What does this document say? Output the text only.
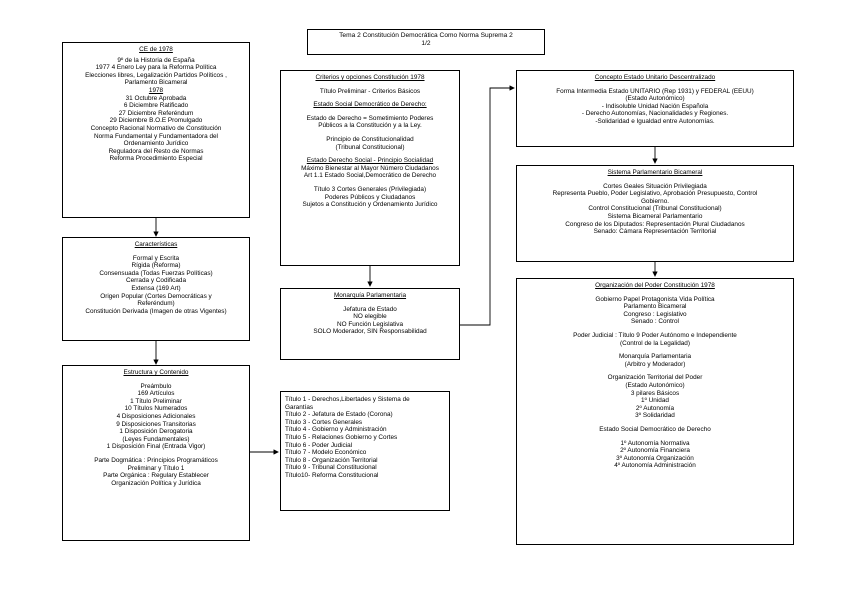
Tema 2 Constitución Democrática Como Norma Suprema 2
1/2
CE de 1978
9º de la Historia de España
1977 4 Enero Ley para la Reforma Política
Elecciones libres, Legalización Partidos Políticos ,
Parlamento Bicameral
1978
31 Octubre Aprobada
6 Diciembre Ratificado
27 Diciembre Referéndum
29 Diciembre B.O.E Promulgado
Concepto Racional Normativo de Constitución
Norma Fundamental y Fundamentadora del
Ordenamiento Jurídico
Reguladora del Resto de Normas
Reforma Procedimiento Especial
Características
Formal y Escrita
Rígida (Reforma)
Consensuada (Todas Fuerzas Políticas)
Cerrada y Codificada
Extensa (169 Art)
Origen Popular (Cortes Democráticas y
Referéndum)
Constitución Derivada (Imagen de otras Vigentes)
Estructura y Contenido
Preámbulo
169 Artículos
1 Título Preliminar
10 Títulos Numerados
4 Disposiciones Adicionales
9 Disposiciones Transitorias
1 Disposición Derogatoria
(Leyes Fundamentales)
1 Disposición Final (Entrada Vigor)
Parte Dogmática : Principios Programáticos
Preliminar y Título 1
Parte Orgánica : Regulary Establecer
Organización Política y Jurídica
Título 1 - Derechos,Libertades y Sistema de
Garantías
Título 2 - Jefatura de Estado (Corona)
Título 3 - Cortes Generales
Título 4 - Gobierno y Administración
Título 5 - Relaciones Gobierno y Cortes
Título 6 - Poder Judicial
Título 7 - Modelo Económico
Título 8 - Organización Territorial
Título 9 - Tribunal Constitucional
Título10- Reforma Constitucional
Criterios y opciones Constitución 1978
Título Preliminar - Criterios Básicos
Estado Social Democrático de Derecho:
Estado de Derecho = Sometimiento Poderes
Públicos a la Constitución y a la Ley.
Principio de Constitucionalidad
(Tribunal Constitucional)
Estado Derecho Social - Principio Socialidad
Máximo Bienestar al Mayor Número Ciudadanos
Art 1.1 Estado Social,Democrático de Derecho
Título 3 Cortes Generales (Privilegiada)
Poderes Públicos y Ciudadanos
Sujetos a Constitución y Ordenamiento Jurídico
Monarquía Parlamentaria
Jefatura de Estado
NO elegible
NO Función Legislativa
SOLO Moderador, SIN Responsabilidad
Concepto Estado Unitario Descentralizado
Forma Intermedia Estado UNITARIO (Rep 1931) y FEDERAL (EEUU)
(Estado Autonómico)
- Indisoluble Unidad Nación Española
- Derecho Autonomías, Nacionalidades y Regiones.
-Solidaridad e Igualdad entre Autonomías.
Sistema Parlamentario Bicameral
Cortes Geales Situación Privilegiada
Representa Pueblo, Poder Legislativo, Aprobación Presupuesto, Control
Gobierno.
Control Constitucional (Tribunal Constitucional)
Sistema Bicameral Parlamentario
Congreso de los Diputados: Representación Plural Ciudadanos
Senado: Cámara Representación Territorial
Organización del Poder Constitución 1978
Gobierno Papel Protagonista Vida Política
Parlamento Bicameral
Congreso : Legislativo
Senado : Control
Poder Judicial : Título 9 Poder Autónomo e Independiente
(Control de la Legalidad)
Monarquía Parlamentaria
(Arbitro y Moderador)
Organización Territorial del Poder
(Estado Autonómico)
3 pilares Básicos
1º Unidad
2º Autonomía
3º Solidaridad
Estado Social Democrático de Derecho
1º Autonomía Normativa
2º Autonomía Financiera
3º Autonomía Organización
4º Autonomía Administración
